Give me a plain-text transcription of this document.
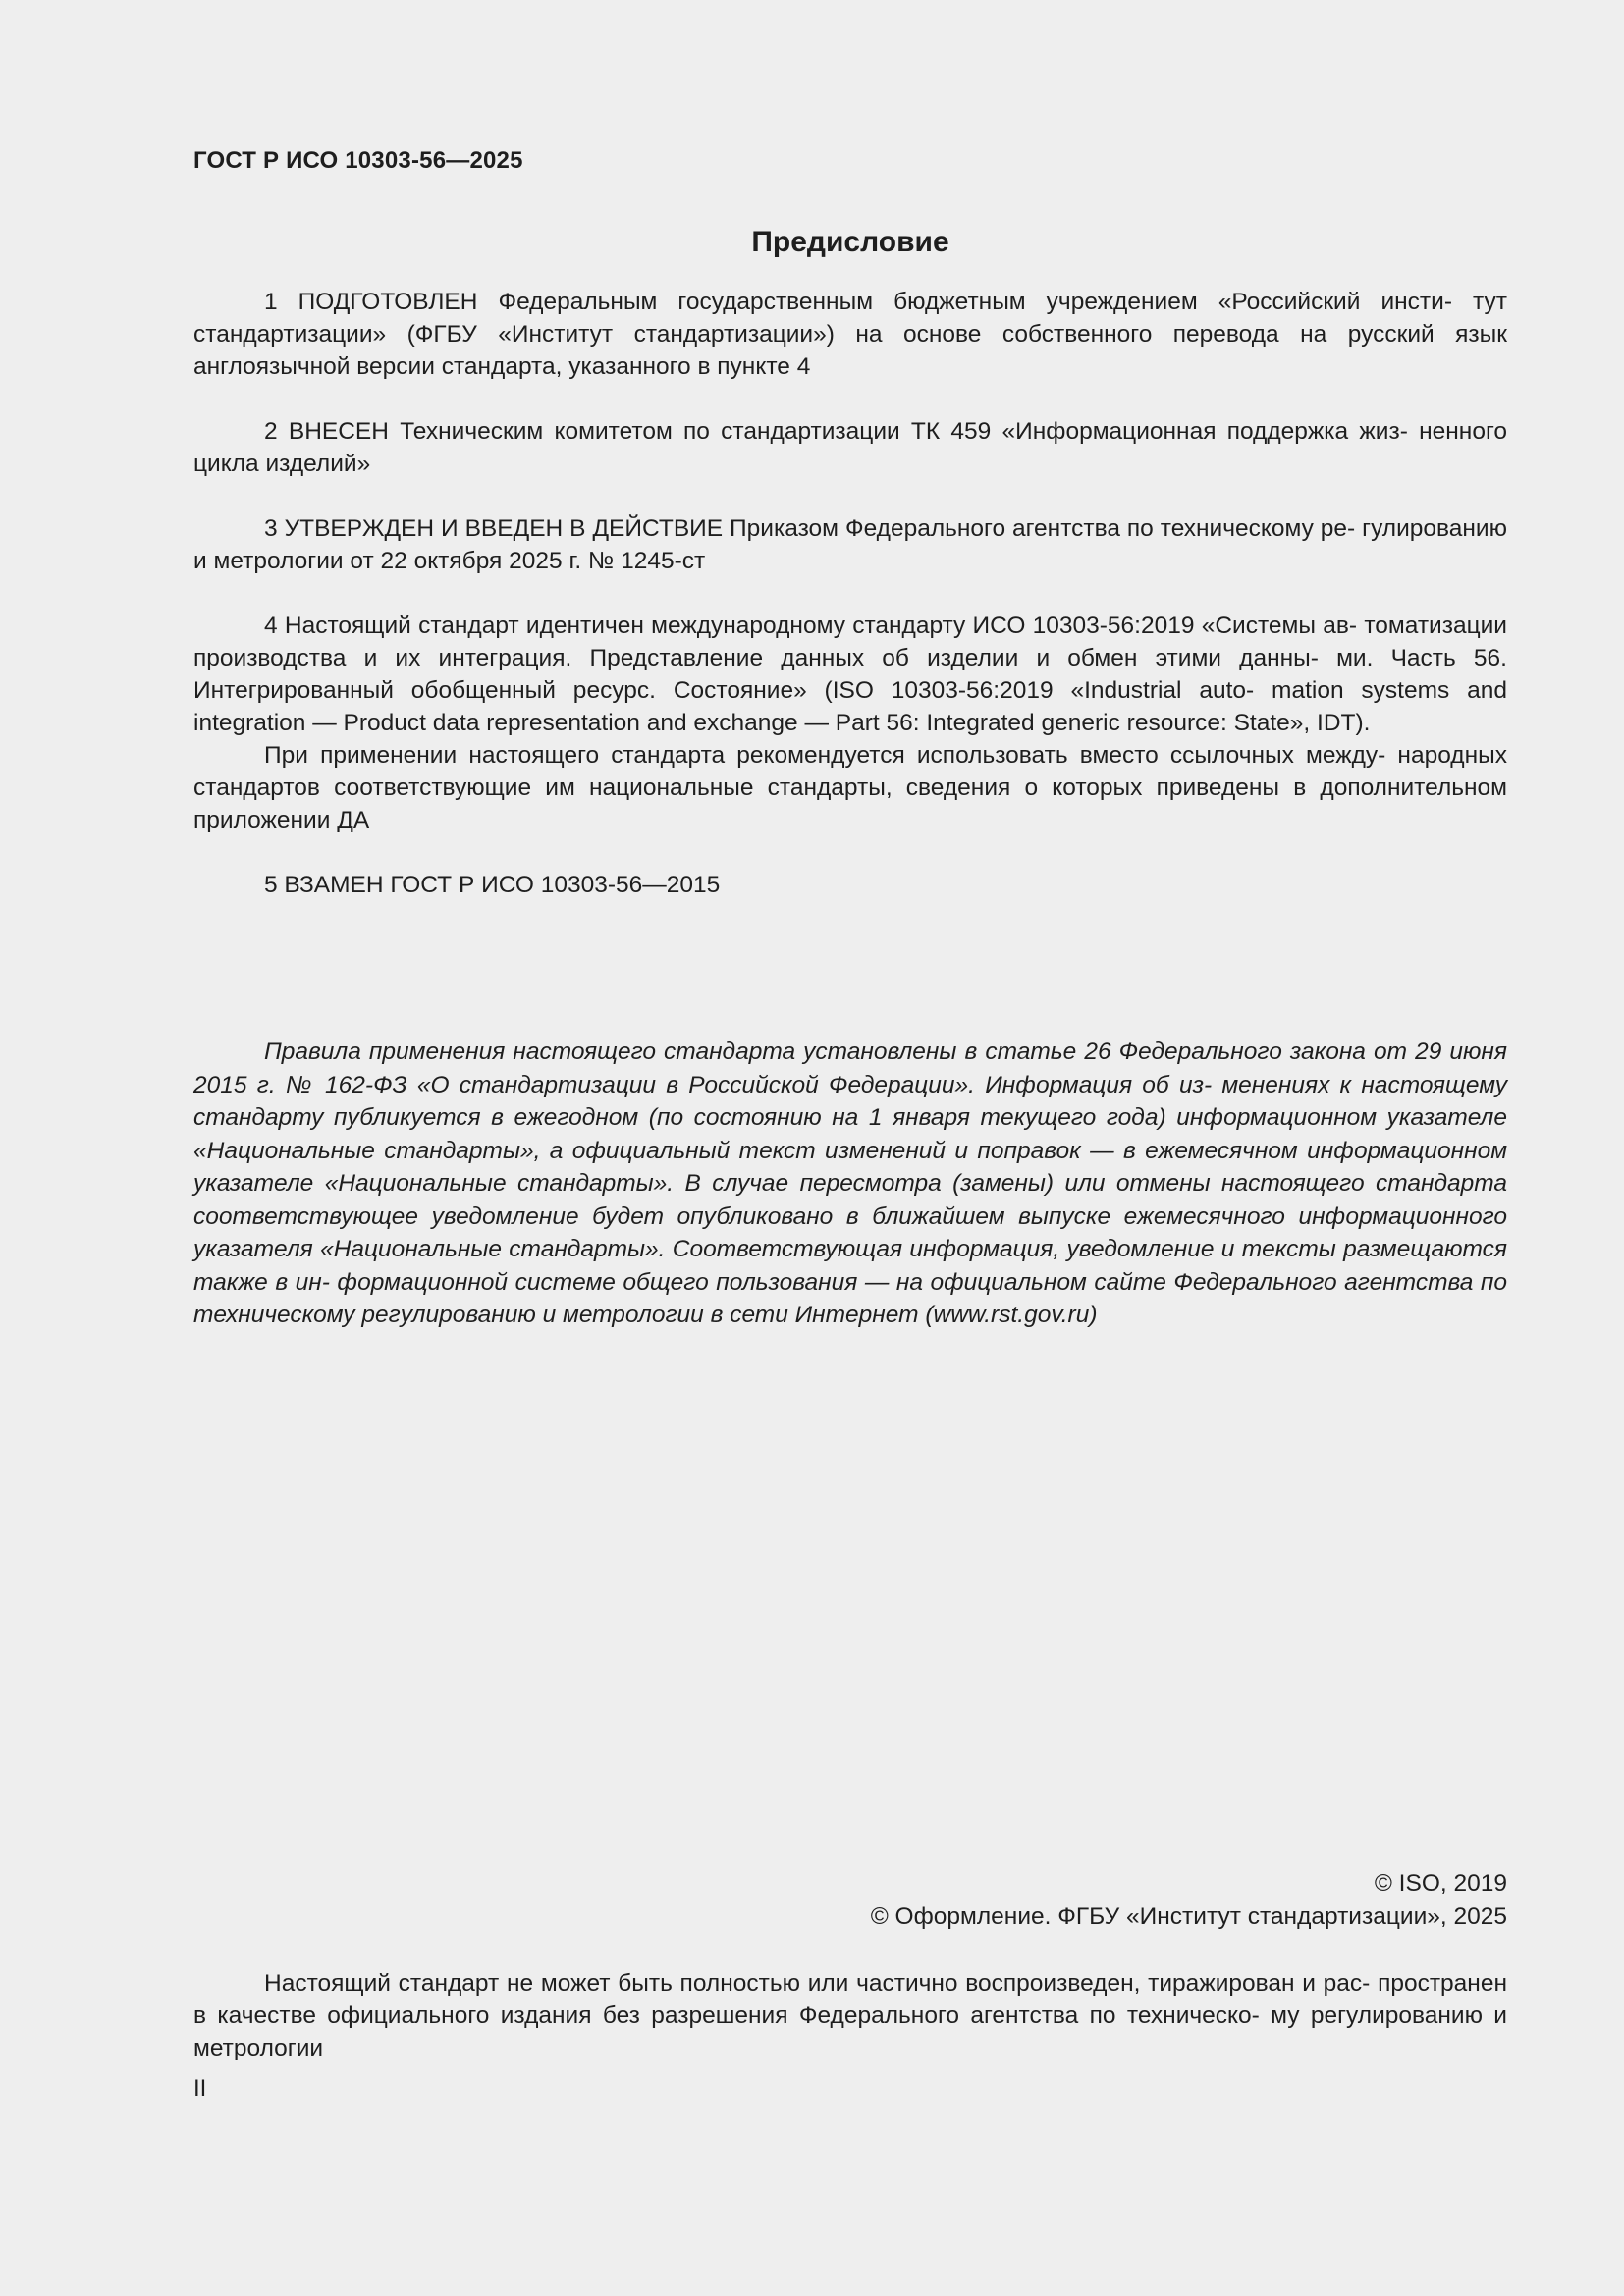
ГОСТ Р ИСО 10303-56—2025
Предисловие

1 ПОДГОТОВЛЕН Федеральным государственным бюджетным учреждением «Российский инсти- тут стандартизации» (ФГБУ «Институт стандартизации») на основе собственного перевода на русский язык англоязычной версии стандарта, указанного в пункте 4

2 ВНЕСЕН Техническим комитетом по стандартизации ТК 459 «Информационная поддержка жиз- ненного цикла изделий»

3 УТВЕРЖДЕН И ВВЕДЕН В ДЕЙСТВИЕ Приказом Федерального агентства по техническому ре- гулированию и метрологии от 22 октября 2025 г. № 1245-ст

4 Настоящий стандарт идентичен международному стандарту ИСО 10303-56:2019 «Системы ав- томатизации производства и их интеграция. Представление данных об изделии и обмен этими данны- ми. Часть 56. Интегрированный обобщенный ресурс. Состояние» (ISO 10303-56:2019 «Industrial auto- mation systems and integration — Product data representation and exchange — Part 56: Integrated generic resource: State», IDT).

При применении настоящего стандарта рекомендуется использовать вместо ссылочных между- народных стандартов соответствующие им национальные стандарты, сведения о которых приведены в дополнительном приложении ДА

5 ВЗАМЕН ГОСТ Р ИСО 10303-56—2015

Правила применения настоящего стандарта установлены в статье 26 Федерального закона от 29 июня 2015 г. № 162-ФЗ «О стандартизации в Российской Федерации». Информация об из- менениях к настоящему стандарту публикуется в ежегодном (по состоянию на 1 января текущего года) информационном указателе «Национальные стандарты», а официальный текст изменений и поправок — в ежемесячном информационном указателе «Национальные стандарты». В случае пересмотра (замены) или отмены настоящего стандарта соответствующее уведомление будет опубликовано в ближайшем выпуске ежемесячного информационного указателя «Национальные стандарты». Соответствующая информация, уведомление и тексты размещаются также в ин- формационной системе общего пользования — на официальном сайте Федерального агентства по техническому регулированию и метрологии в сети Интернет (www.rst.gov.ru)

© ISO, 2019
© Оформление. ФГБУ «Институт стандартизации», 2025

Настоящий стандарт не может быть полностью или частично воспроизведен, тиражирован и рас- пространен в качестве официального издания без разрешения Федерального агентства по техническо- му регулированию и метрологии

II
